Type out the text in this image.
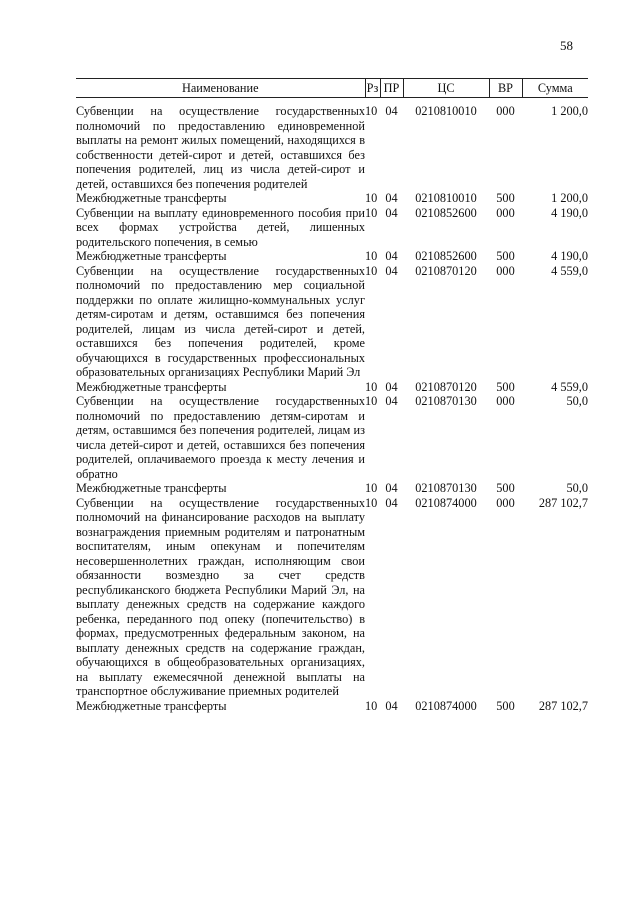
58
Наименование	Рз	ПР	ЦС	ВР	Сумма
Субвенции на осуществление государственных полномочий по предоставлению единовременной выплаты на ремонт жилых помещений, находящихся в собственности детей-сирот и детей, оставшихся без попечения родителей, лиц из числа детей-сирот и детей, оставшихся без попечения родителей	10	04	0210810010	000	1 200,0
Межбюджетные трансферты	10	04	0210810010	500	1 200,0
Субвенции на выплату единовременного пособия при всех формах устройства детей, лишенных родительского попечения, в семью	10	04	0210852600	000	4 190,0
Межбюджетные трансферты	10	04	0210852600	500	4 190,0
Субвенции на осуществление государственных полномочий по предоставлению мер социальной поддержки по оплате жилищно-коммунальных услуг детям-сиротам и детям, оставшимся без попечения родителей, лицам из числа детей-сирот и детей, оставшихся без попечения родителей, кроме обучающихся в государственных профессиональных образовательных организациях Республики Марий Эл	10	04	0210870120	000	4 559,0
Межбюджетные трансферты	10	04	0210870120	500	4 559,0
Субвенции на осуществление государственных полномочий по предоставлению детям-сиротам и детям, оставшимся без попечения родителей, лицам из числа детей-сирот и детей, оставшихся без попечения родителей, оплачиваемого проезда к месту лечения и обратно	10	04	0210870130	000	50,0
Межбюджетные трансферты	10	04	0210870130	500	50,0
Субвенции на осуществление государственных полномочий на финансирование расходов на выплату вознаграждения приемным родителям и патронатным воспитателям, иным опекунам и попечителям несовершеннолетних граждан, исполняющим свои обязанности возмездно за счет средств республиканского бюджета Республики Марий Эл, на выплату денежных средств на содержание каждого ребенка, переданного под опеку (попечительство) в формах, предусмотренных федеральным законом, на выплату денежных средств на содержание граждан, обучающихся в общеобразовательных организациях, на выплату ежемесячной денежной выплаты на транспортное обслуживание приемных родителей	10	04	0210874000	000	287 102,7
Межбюджетные трансферты	10	04	0210874000	500	287 102,7
